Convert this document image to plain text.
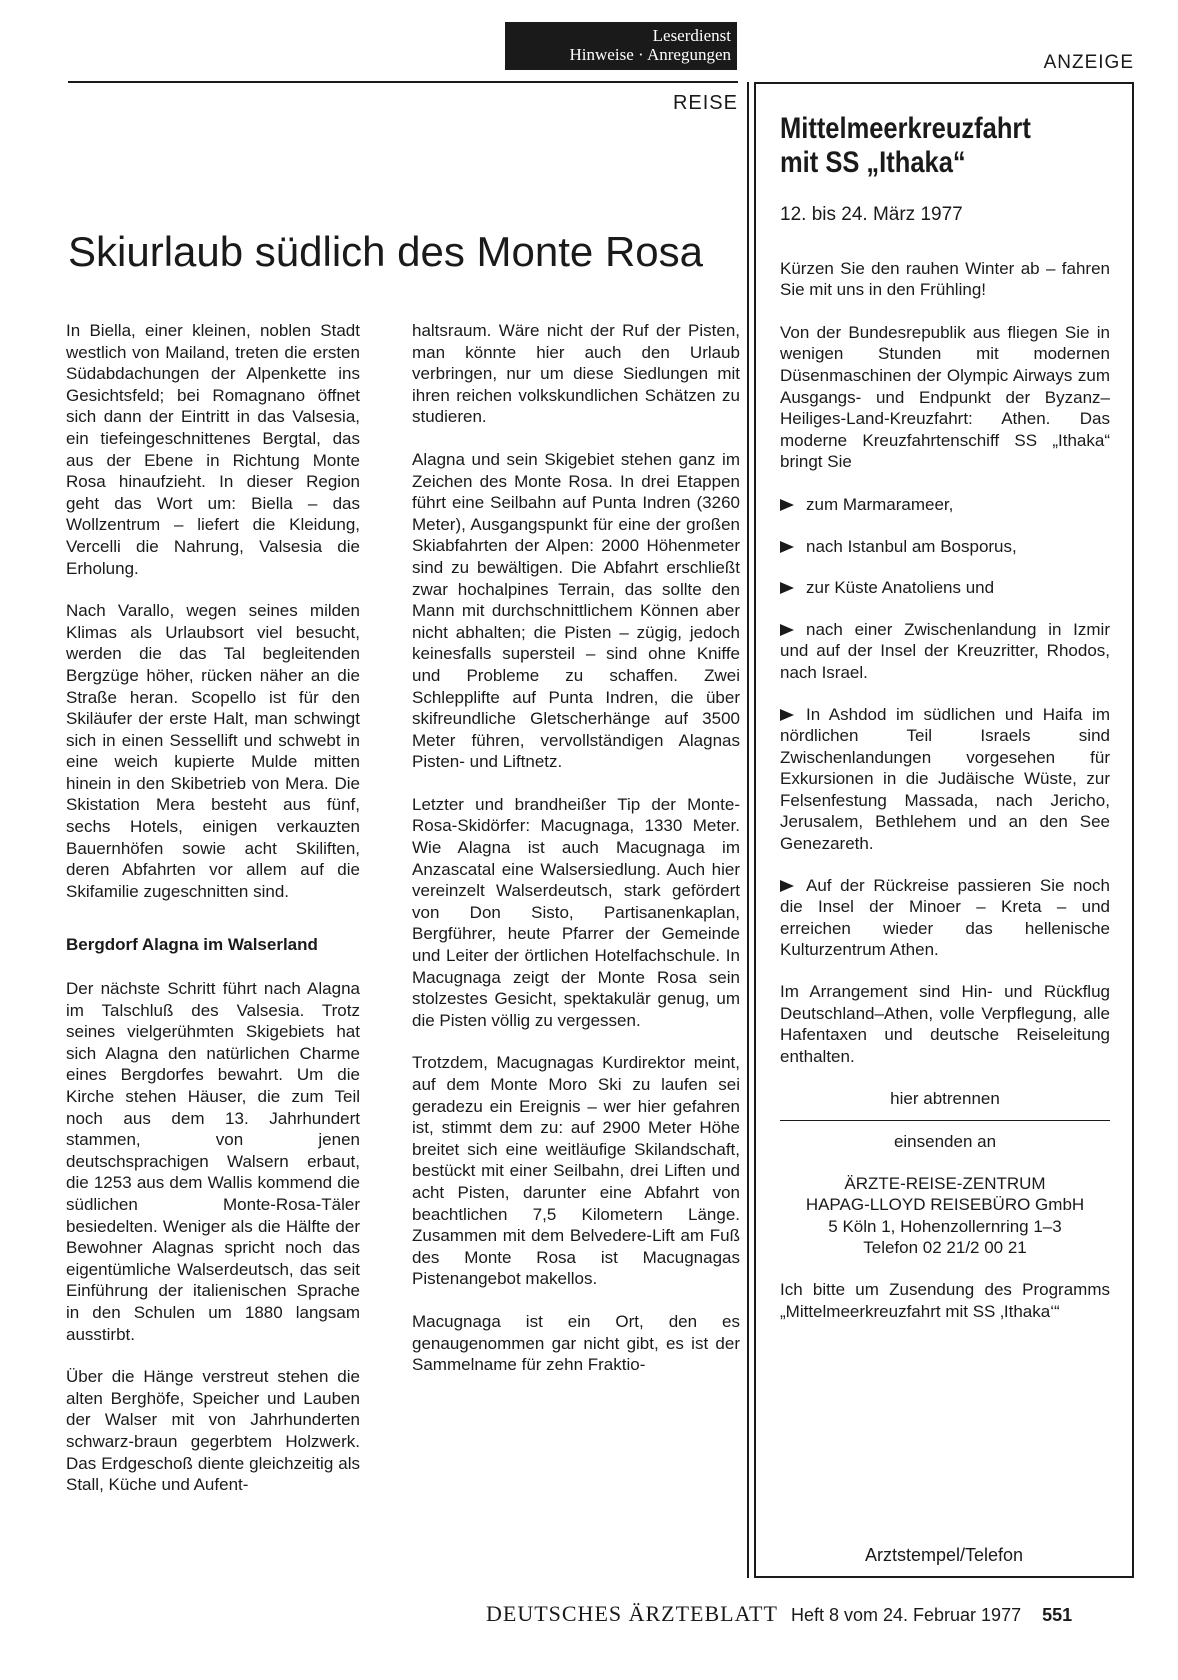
Leserdienst
Hinweise · Anregungen
REISE
ANZEIGE
Skiurlaub südlich des Monte Rosa

In Biella, einer kleinen, noblen Stadt westlich von Mailand, treten die ersten Südabdachungen der Alpenkette ins Gesichtsfeld; bei Romagnano öffnet sich dann der Eintritt in das Valsesia, ein tiefeingeschnittenes Bergtal, das aus der Ebene in Richtung Monte Rosa hinaufzieht. In dieser Region geht das Wort um: Biella – das Wollzentrum – liefert die Kleidung, Vercelli die Nahrung, Valsesia die Erholung.

Nach Varallo, wegen seines milden Klimas als Urlaubsort viel besucht, werden die das Tal begleitenden Bergzüge höher, rücken näher an die Straße heran. Scopello ist für den Skiläufer der erste Halt, man schwingt sich in einen Sessellift und schwebt in eine weich kupierte Mulde mitten hinein in den Skibetrieb von Mera. Die Skistation Mera besteht aus fünf, sechs Hotels, einigen verkauzten Bauernhöfen sowie acht Skiliften, deren Abfahrten vor allem auf die Skifamilie zugeschnitten sind.

Bergdorf Alagna im Walserland

Der nächste Schritt führt nach Alagna im Talschluß des Valsesia. Trotz seines vielgerühmten Skigebiets hat sich Alagna den natürlichen Charme eines Bergdorfes bewahrt. Um die Kirche stehen Häuser, die zum Teil noch aus dem 13. Jahrhundert stammen, von jenen deutschsprachigen Walsern erbaut, die 1253 aus dem Wallis kommend die südlichen Monte-Rosa-Täler besiedelten. Weniger als die Hälfte der Bewohner Alagnas spricht noch das eigentümliche Walserdeutsch, das seit Einführung der italienischen Sprache in den Schulen um 1880 langsam ausstirbt.

Über die Hänge verstreut stehen die alten Berghöfe, Speicher und Lauben der Walser mit von Jahrhunderten schwarz-braun gegerbtem Holzwerk. Das Erdgeschoß diente gleichzeitig als Stall, Küche und Aufent-

haltsraum. Wäre nicht der Ruf der Pisten, man könnte hier auch den Urlaub verbringen, nur um diese Siedlungen mit ihren reichen volkskundlichen Schätzen zu studieren.

Alagna und sein Skigebiet stehen ganz im Zeichen des Monte Rosa. In drei Etappen führt eine Seilbahn auf Punta Indren (3260 Meter), Ausgangspunkt für eine der großen Skiabfahrten der Alpen: 2000 Höhenmeter sind zu bewältigen. Die Abfahrt erschließt zwar hochalpines Terrain, das sollte den Mann mit durchschnittlichem Können aber nicht abhalten; die Pisten – zügig, jedoch keinesfalls supersteil – sind ohne Kniffe und Probleme zu schaffen. Zwei Schlepplifte auf Punta Indren, die über skifreundliche Gletscherhänge auf 3500 Meter führen, vervollständigen Alagnas Pisten- und Liftnetz.

Letzter und brandheißer Tip der Monte-Rosa-Skidörfer: Macugnaga, 1330 Meter. Wie Alagna ist auch Macugnaga im Anzascatal eine Walsersiedlung. Auch hier vereinzelt Walserdeutsch, stark gefördert von Don Sisto, Partisanenkaplan, Bergführer, heute Pfarrer der Gemeinde und Leiter der örtlichen Hotelfachschule. In Macugnaga zeigt der Monte Rosa sein stolzestes Gesicht, spektakulär genug, um die Pisten völlig zu vergessen.

Trotzdem, Macugnagas Kurdirektor meint, auf dem Monte Moro Ski zu laufen sei geradezu ein Ereignis – wer hier gefahren ist, stimmt dem zu: auf 2900 Meter Höhe breitet sich eine weitläufige Skilandschaft, bestückt mit einer Seilbahn, drei Liften und acht Pisten, darunter eine Abfahrt von beachtlichen 7,5 Kilometern Länge. Zusammen mit dem Belvedere-Lift am Fuß des Monte Rosa ist Macugnagas Pistenangebot makellos.

Macugnaga ist ein Ort, den es genaugenommen gar nicht gibt, es ist der Sammelname für zehn Fraktio-

Mittelmeerkreuzfahrt
mit SS „Ithaka“
12. bis 24. März 1977
Kürzen Sie den rauhen Winter ab – fahren Sie mit uns in den Frühling!
Von der Bundesrepublik aus fliegen Sie in wenigen Stunden mit modernen Düsenmaschinen der Olympic Airways zum Ausgangs- und Endpunkt der Byzanz–Heiliges-Land-Kreuzfahrt: Athen. Das moderne Kreuzfahrtenschiff SS „Ithaka“ bringt Sie
zum Marmarameer,
nach Istanbul am Bosporus,
zur Küste Anatoliens und
nach einer Zwischenlandung in Izmir und auf der Insel der Kreuzritter, Rhodos, nach Israel.
In Ashdod im südlichen und Haifa im nördlichen Teil Israels sind Zwischenlandungen vorgesehen für Exkursionen in die Judäische Wüste, zur Felsenfestung Massada, nach Jericho, Jerusalem, Bethlehem und an den See Genezareth.
Auf der Rückreise passieren Sie noch die Insel der Minoer – Kreta – und erreichen wieder das hellenische Kulturzentrum Athen.
Im Arrangement sind Hin- und Rückflug Deutschland–Athen, volle Verpflegung, alle Hafentaxen und deutsche Reiseleitung enthalten.
hier abtrennen
einsenden an
ÄRZTE-REISE-ZENTRUM
HAPAG-LLOYD REISEBÜRO GmbH
5 Köln 1, Hohenzollernring 1–3
Telefon 02 21/2 00 21
Ich bitte um Zusendung des Programms „Mittelmeerkreuzfahrt mit SS ‚Ithaka‘“
Arztstempel/Telefon
DEUTSCHES ÄRZTEBLATT Heft 8 vom 24. Februar 1977 551
